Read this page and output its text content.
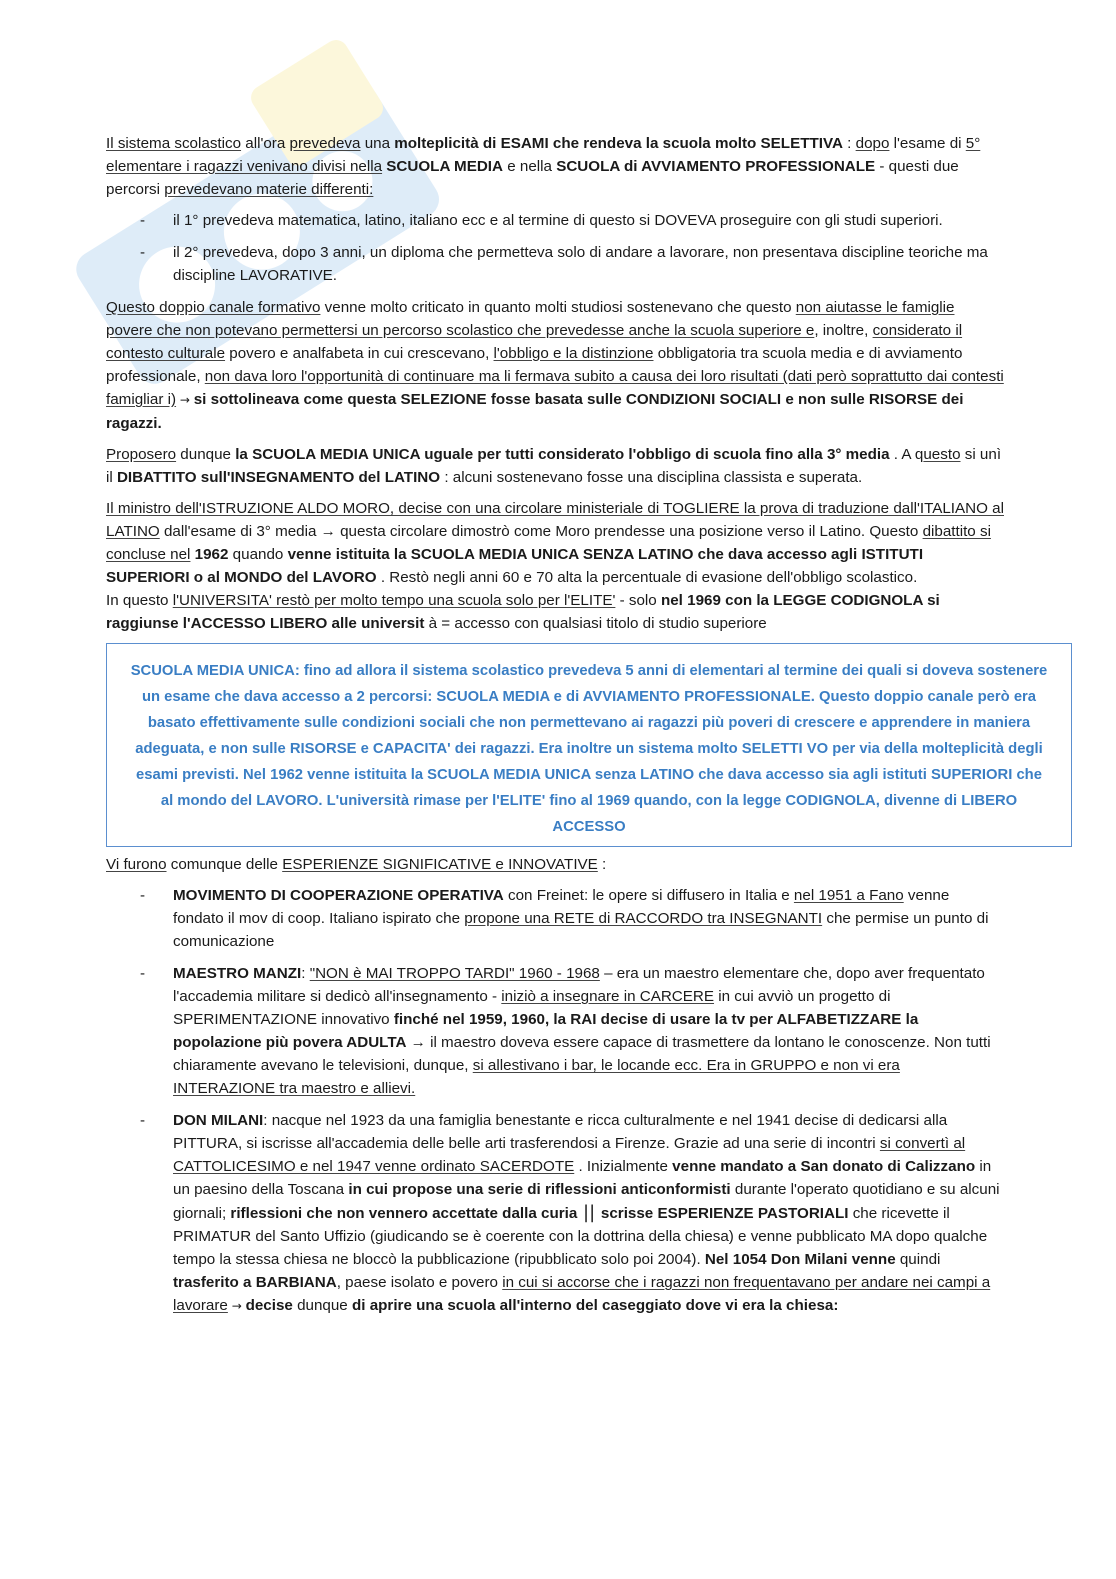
Il sistema scolastico all'ora prevedeva una molteplicità di ESAMI che rendeva la scuola molto SELETTIVA : dopo l'esame di 5° elementare i ragazzi venivano divisi nella SCUOLA MEDIA e nella SCUOLA di AVVIAMENTO PROFESSIONALE - questi due percorsi prevedevano materie differenti:

- il 1° prevedeva matematica, latino, italiano ecc e al termine di questo si DOVEVA proseguire con gli studi superiori.
- il 2° prevedeva, dopo 3 anni, un diploma che permetteva solo di andare a lavorare, non presentava discipline teoriche ma discipline LAVORATIVE.

Questo doppio canale formativo venne molto criticato in quanto molti studiosi sostenevano che questo non aiutasse le famiglie povere che non potevano permettersi un percorso scolastico che prevedesse anche la scuola superiore e, inoltre, considerato il contesto culturale povero e analfabeta in cui crescevano, l'obbligo e la distinzione obbligatoria tra scuola media e di avviamento professionale, non dava loro l'opportunità di continuare ma li fermava subito a causa dei loro risultati (dati però soprattutto dai contesti famigliar i) → si sottolineava come questa SELEZIONE fosse basata sulle CONDIZIONI SOCIALI e non sulle RISORSE dei ragazzi.

Proposero dunque la SCUOLA MEDIA UNICA uguale per tutti considerato l'obbligo di scuola fino alla 3° media . A questo si unì il DIBATTITO sull'INSEGNAMENTO del LATINO : alcuni sostenevano fosse una disciplina classista e superata.

Il ministro dell'ISTRUZIONE ALDO MORO, decise con una circolare ministeriale di TOGLIERE la prova di traduzione dall'ITALIANO al LATINO dall'esame di 3° media → questa circolare dimostrò come Moro prendesse una posizione verso il Latino. Questo dibattito si concluse nel 1962 quando venne istituita la SCUOLA MEDIA UNICA SENZA LATINO che dava accesso agli ISTITUTI SUPERIORI o al MONDO del LAVORO . Restò negli anni 60 e 70 alta la percentuale di evasione dell'obbligo scolastico.

In questo l'UNIVERSITA' restò per molto tempo una scuola solo per l'ELITE' - solo nel 1969 con la LEGGE CODIGNOLA si raggiunse l'ACCESSO LIBERO alle universit à = accesso con qualsiasi titolo di studio superiore

SCUOLA MEDIA UNICA: fino ad allora il sistema scolastico prevedeva 5 anni di elementari al termine dei quali si doveva sostenere un esame che dava accesso a 2 percorsi: SCUOLA MEDIA e di AVVIAMENTO PROFESSIONALE. Questo doppio canale però era basato effettivamente sulle condizioni sociali che non permettevano ai ragazzi più poveri di crescere e apprendere in maniera adeguata, e non sulle RISORSE e CAPACITA' dei ragazzi. Era inoltre un sistema molto SELETTI VO per via della molteplicità degli esami previsti. Nel 1962 venne istituita la SCUOLA MEDIA UNICA senza LATINO che dava accesso sia agli istituti SUPERIORI che al mondo del LAVORO. L'università rimase per l'ELITE' fino al 1969 quando, con la legge CODIGNOLA, divenne di LIBERO ACCESSO

Vi furono comunque delle ESPERIENZE SIGNIFICATIVE e INNOVATIVE :

- MOVIMENTO DI COOPERAZIONE OPERATIVA con Freinet: le opere si diffusero in Italia e nel 1951 a Fano venne fondato il mov di coop. Italiano ispirato che propone una RETE di RACCORDO tra INSEGNANTI che permise un punto di comunicazione
- MAESTRO MANZI: "NON è MAI TROPPO TARDI" 1960 - 1968 – era un maestro elementare che, dopo aver frequentato l'accademia militare si dedicò all'insegnamento - iniziò a insegnare in CARCERE in cui avviò un progetto di SPERIMENTAZIONE innovativo finché nel 1959, 1960, la RAI decise di usare la tv per ALFABETIZZARE la popolazione più povera ADULTA → il maestro doveva essere capace di trasmettere da lontano le conoscenze. Non tutti chiaramente avevano le televisioni, dunque, si allestivano i bar, le locande ecc. Era in GRUPPO e non vi era INTERAZIONE tra maestro e allievi.
- DON MILANI: nacque nel 1923 da una famiglia benestante e ricca culturalmente e nel 1941 decise di dedicarsi alla PITTURA, si iscrisse all'accademia delle belle arti trasferendosi a Firenze. Grazie ad una serie di incontri si convertì al CATTOLICESIMO e nel 1947 venne ordinato SACERDOTE . Inizialmente venne mandato a San donato di Calizzano in un paesino della Toscana in cui propose una serie di riflessioni anticonformisti durante l'operato quotidiano e su alcuni giornali; riflessioni che non vennero accettate dalla curia || scrisse ESPERIENZE PASTORIALI che ricevette il PRIMATUR del Santo Uffizio (giudicando se è coerente con la dottrina della chiesa) e venne pubblicato MA dopo qualche tempo la stessa chiesa ne bloccò la pubblicazione (ripubblicato solo poi 2004). Nel 1054 Don Milani venne quindi trasferito a BARBIANA, paese isolato e povero in cui si accorse che i ragazzi non frequentavano per andare nei campi a lavorare → decise dunque di aprire una scuola all'interno del caseggiato dove vi era la chiesa:
